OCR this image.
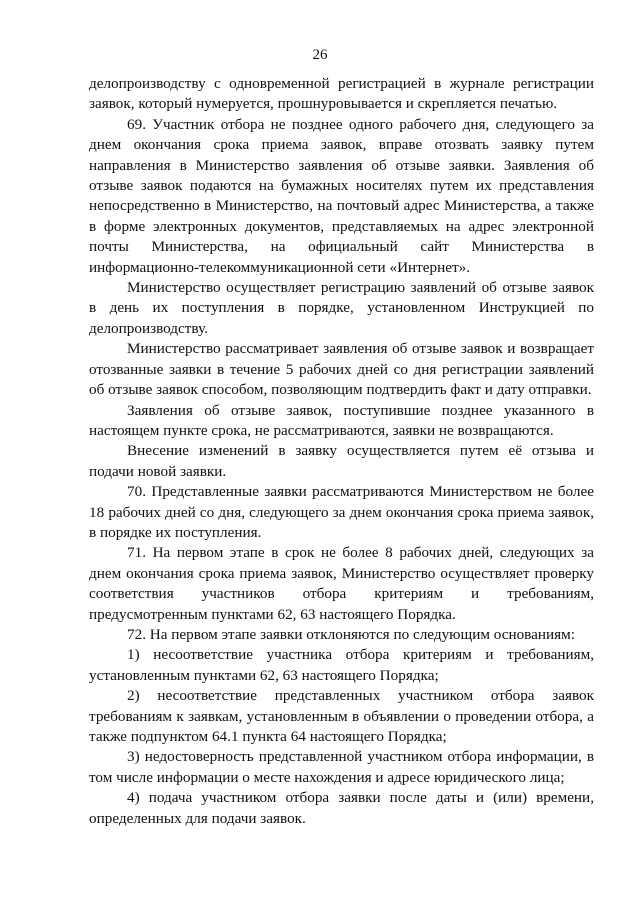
26

делопроизводству с одновременной регистрацией в журнале регистрации заявок, который нумеруется, прошнуровывается и скрепляется печатью.

69. Участник отбора не позднее одного рабочего дня, следующего за днем окончания срока приема заявок, вправе отозвать заявку путем направления в Министерство заявления об отзыве заявки. Заявления об отзыве заявок подаются на бумажных носителях путем их представления непосредственно в Министерство, на почтовый адрес Министерства, а также в форме электронных документов, представляемых на адрес электронной почты Министерства, на официальный сайт Министерства в информационно-телекоммуникационной сети «Интернет».

Министерство осуществляет регистрацию заявлений об отзыве заявок в день их поступления в порядке, установленном Инструкцией по делопроизводству.

Министерство рассматривает заявления об отзыве заявок и возвращает отозванные заявки в течение 5 рабочих дней со дня регистрации заявлений об отзыве заявок способом, позволяющим подтвердить факт и дату отправки.

Заявления об отзыве заявок, поступившие позднее указанного в настоящем пункте срока, не рассматриваются, заявки не возвращаются.

Внесение изменений в заявку осуществляется путем её отзыва и подачи новой заявки.

70. Представленные заявки рассматриваются Министерством не более 18 рабочих дней со дня, следующего за днем окончания срока приема заявок, в порядке их поступления.

71. На первом этапе в срок не более 8 рабочих дней, следующих за днем окончания срока приема заявок, Министерство осуществляет проверку соответствия участников отбора критериям и требованиям, предусмотренным пунктами 62, 63 настоящего Порядка.

72. На первом этапе заявки отклоняются по следующим основаниям:

1) несоответствие участника отбора критериям и требованиям, установленным пунктами 62, 63 настоящего Порядка;

2) несоответствие представленных участником отбора заявок требованиям к заявкам, установленным в объявлении о проведении отбора, а также подпунктом 64.1 пункта 64 настоящего Порядка;

3) недостоверность представленной участником отбора информации, в том числе информации о месте нахождения и адресе юридического лица;

4) подача участником отбора заявки после даты и (или) времени, определенных для подачи заявок.
